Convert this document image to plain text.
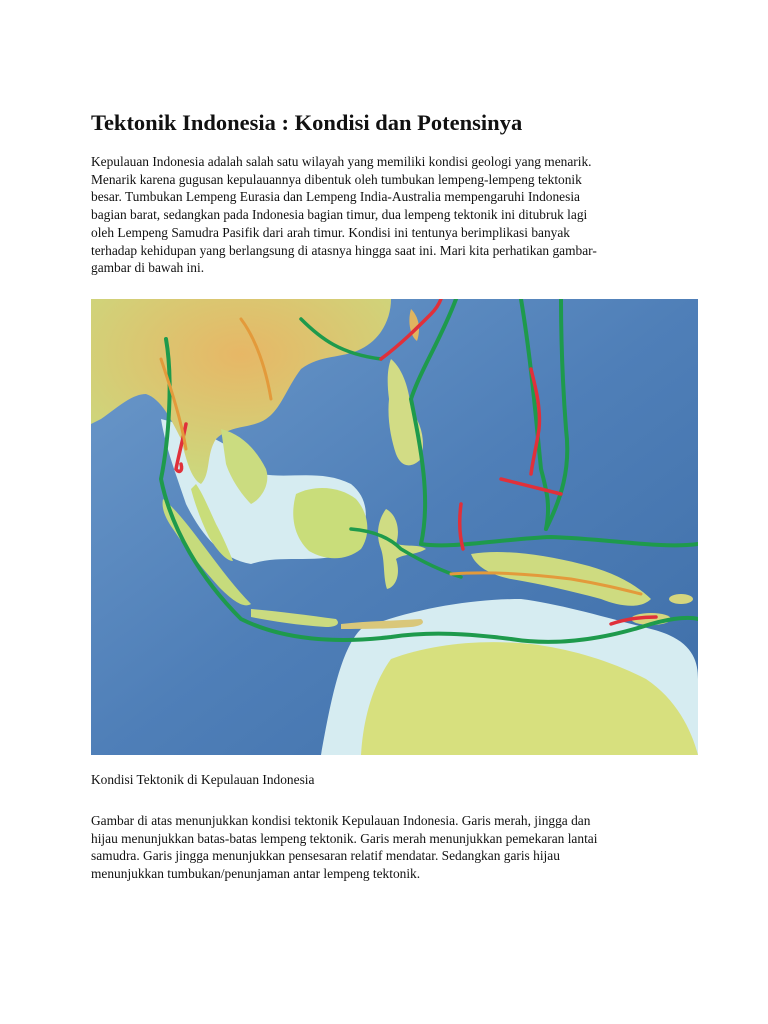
Tektonik Indonesia : Kondisi dan Potensinya

Kepulauan Indonesia adalah salah satu wilayah yang memiliki kondisi geologi yang menarik.
Menarik karena gugusan kepulauannya dibentuk oleh tumbukan lempeng-lempeng tektonik
besar. Tumbukan Lempeng Eurasia dan Lempeng India-Australia mempengaruhi Indonesia
bagian barat, sedangkan pada Indonesia bagian timur, dua lempeng tektonik ini ditubruk lagi
oleh Lempeng Samudra Pasifik dari arah timur. Kondisi ini tentunya berimplikasi banyak
terhadap kehidupan yang berlangsung di atasnya hingga saat ini. Mari kita perhatikan gambar-
gambar di bawah ini.

Kondisi Tektonik di Kepulauan Indonesia

Gambar di atas menunjukkan kondisi tektonik Kepulauan Indonesia. Garis merah, jingga dan
hijau menunjukkan batas-batas lempeng tektonik. Garis merah menunjukkan pemekaran lantai
samudra. Garis jingga menunjukkan pensesaran relatif mendatar. Sedangkan garis hijau
menunjukkan tumbukan/penunjaman antar lempeng tektonik.
